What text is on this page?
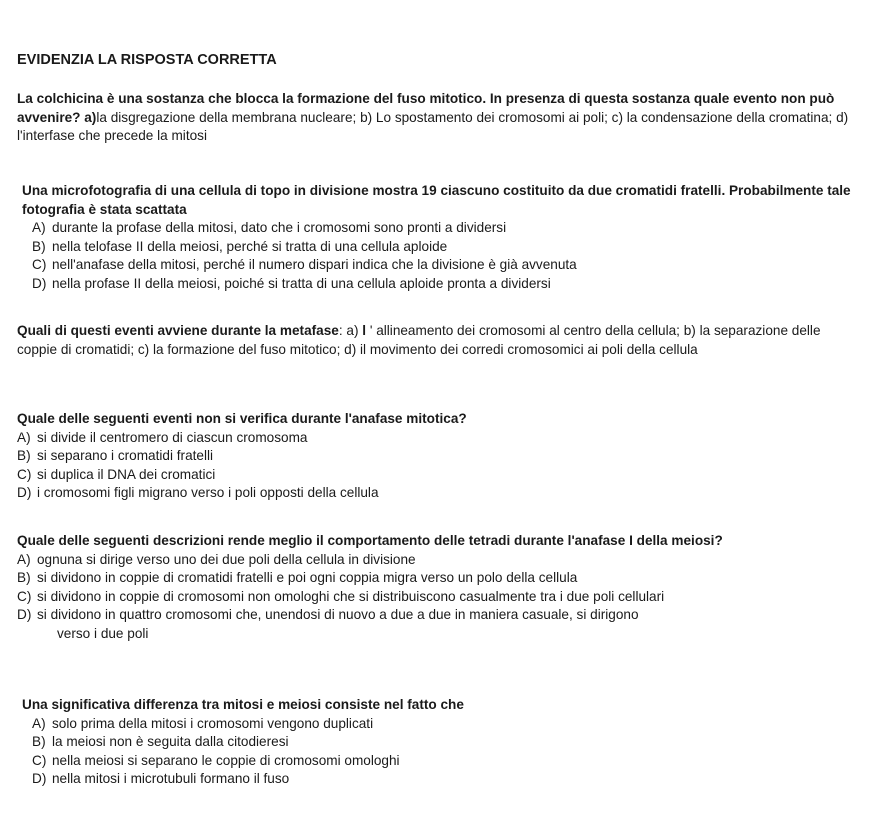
EVIDENZIA LA RISPOSTA CORRETTA
La colchicina è una sostanza che blocca la formazione del fuso mitotico. In presenza di questa sostanza quale evento non può avvenire? a)la disgregazione della membrana nucleare; b) Lo spostamento dei cromosomi ai poli; c) la condensazione della cromatina; d) l'interfase che precede la mitosi
Una microfotografia di una cellula di topo in divisione mostra 19 ciascuno costituito da due cromatidi fratelli. Probabilmente tale fotografia è stata scattata
A) durante la profase della mitosi, dato che i cromosomi sono pronti a dividersi
B) nella telofase II della meiosi, perché si tratta di una cellula aploide
C) nell'anafase della mitosi, perché il numero dispari indica che la divisione è già avvenuta
D) nella profase II della meiosi, poiché si tratta di una cellula aploide pronta a dividersi
Quali di questi eventi avviene durante la metafase: a) l ' allineamento dei cromosomi al centro della cellula; b) la separazione delle coppie di cromatidi; c) la formazione del fuso mitotico; d) il movimento dei corredi cromosomici ai poli della cellula
Quale delle seguenti eventi non si verifica durante l'anafase mitotica?
A) si divide il centromero di ciascun cromosoma
B) si separano i cromatidi fratelli
C) si duplica il DNA dei cromatici
D) i cromosomi figli migrano verso i poli opposti della cellula
Quale delle seguenti descrizioni rende meglio il comportamento delle tetradi durante l'anafase I della meiosi?
A) ognuna si dirige verso uno dei due poli della cellula in divisione
B) si dividono in coppie di cromatidi fratelli e poi ogni coppia migra verso un polo della cellula
C) si dividono in coppie di cromosomi non omologhi che si distribuiscono casualmente tra i due poli cellulari
D) si dividono in quattro cromosomi che, unendosi di nuovo a due a due in maniera casuale, si dirigono
verso i due poli
Una significativa differenza tra mitosi e meiosi consiste nel fatto che
A) solo prima della mitosi i cromosomi vengono duplicati
B) la meiosi non è seguita dalla citodieresi
C) nella meiosi si separano le coppie di cromosomi omologhi
D) nella mitosi i microtubuli formano il fuso
